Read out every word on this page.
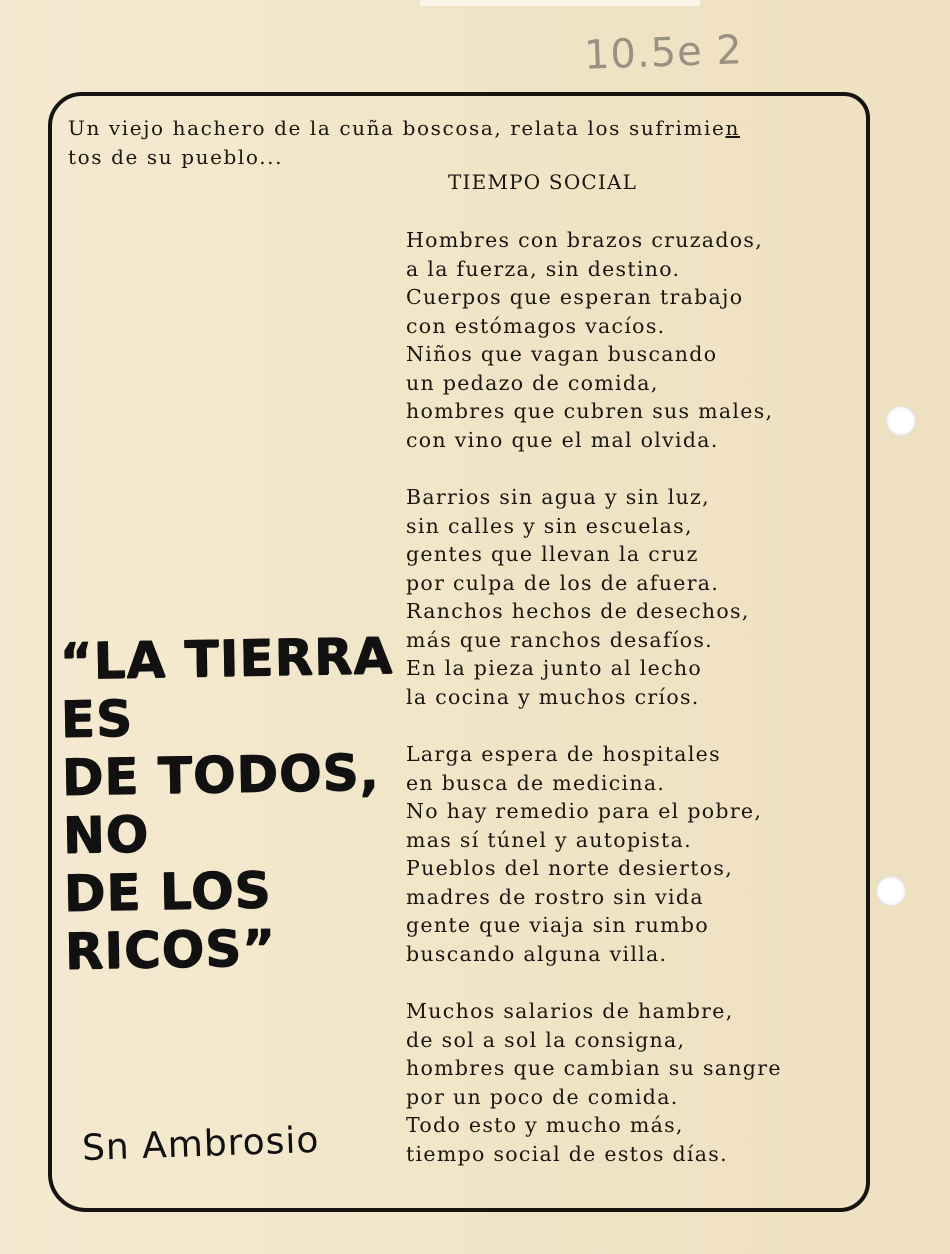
10.5e 2

Un viejo hachero de la cuña boscosa, relata los sufrimien
tos de su pueblo...

TIEMPO SOCIAL

Hombres con brazos cruzados,
a la fuerza, sin destino.
Cuerpos que esperan trabajo
con estómagos vacíos.
Niños que vagan buscando
un pedazo de comida,
hombres que cubren sus males,
con vino que el mal olvida.

Barrios sin agua y sin luz,
sin calles y sin escuelas,
gentes que llevan la cruz
por culpa de los de afuera.
Ranchos hechos de desechos,
más que ranchos desafíos.
En la pieza junto al lecho
la cocina y muchos críos.

Larga espera de hospitales
en busca de medicina.
No hay remedio para el pobre,
mas sí túnel y autopista.
Pueblos del norte desiertos,
madres de rostro sin vida
gente que viaja sin rumbo
buscando alguna villa.

Muchos salarios de hambre,
de sol a sol la consigna,
hombres que cambian su sangre
por un poco de comida.
Todo esto y mucho más,
tiempo social de estos días.

“LA TIERRA
ES
DE TODOS,
NO
DE LOS
RICOS”
Sn Ambrosio
